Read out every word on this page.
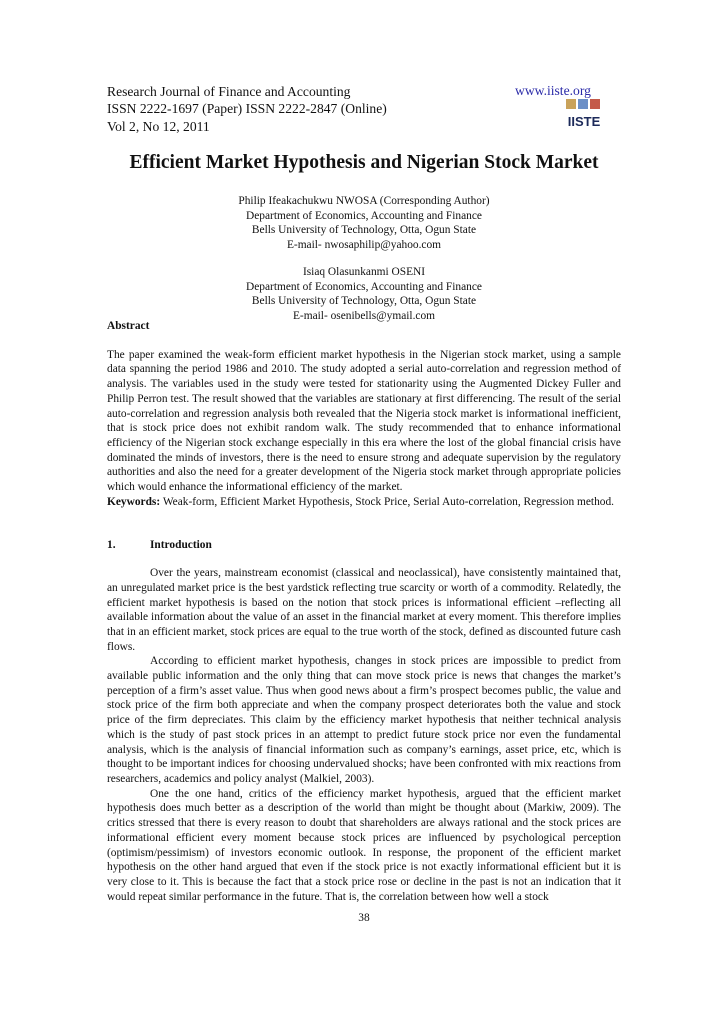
Research Journal of Finance and Accounting
ISSN 2222-1697 (Paper) ISSN 2222-2847 (Online)
Vol 2, No 12, 2011
www.iiste.org
IISTE
Efficient Market Hypothesis and Nigerian Stock Market
Philip Ifeakachukwu NWOSA (Corresponding Author)
Department of Economics, Accounting and Finance
Bells University of Technology, Otta, Ogun State
E-mail- nwosaphilip@yahoo.com
Isiaq Olasunkanmi OSENI
Department of Economics, Accounting and Finance
Bells University of Technology, Otta, Ogun State
E-mail- osenibells@ymail.com

Abstract

The paper examined the weak-form efficient market hypothesis in the Nigerian stock market, using a sample data spanning the period 1986 and 2010. The study adopted a serial auto-correlation and regression method of analysis. The variables used in the study were tested for stationarity using the Augmented Dickey Fuller and Philip Perron test. The result showed that the variables are stationary at first differencing. The result of the serial auto-correlation and regression analysis both revealed that the Nigeria stock market is informational inefficient, that is stock price does not exhibit random walk. The study recommended that to enhance informational efficiency of the Nigerian stock exchange especially in this era where the lost of the global financial crisis have dominated the minds of investors, there is the need to ensure strong and adequate supervision by the regulatory authorities and also the need for a greater development of the Nigeria stock market through appropriate policies which would enhance the informational efficiency of the market.

Keywords: Weak-form, Efficient Market Hypothesis, Stock Price, Serial Auto-correlation, Regression method.

1.	Introduction

Over the years, mainstream economist (classical and neoclassical), have consistently maintained that, an unregulated market price is the best yardstick reflecting true scarcity or worth of a commodity. Relatedly, the efficient market hypothesis is based on the notion that stock prices is informational efficient –reflecting all available information about the value of an asset in the financial market at every moment. This therefore implies that in an efficient market, stock prices are equal to the true worth of the stock, defined as discounted future cash flows.

According to efficient market hypothesis, changes in stock prices are impossible to predict from available public information and the only thing that can move stock price is news that changes the market’s perception of a firm’s asset value. Thus when good news about a firm’s prospect becomes public, the value and stock price of the firm both appreciate and when the company prospect deteriorates both the value and stock price of the firm depreciates. This claim by the efficiency market hypothesis that neither technical analysis which is the study of past stock prices in an attempt to predict future stock price nor even the fundamental analysis, which is the analysis of financial information such as company’s earnings, asset price, etc, which is thought to be important indices for choosing undervalued shocks; have been confronted with mix reactions from researchers, academics and policy analyst (Malkiel, 2003).

One the one hand, critics of the efficiency market hypothesis, argued that the efficient market hypothesis does much better as a description of the world than might be thought about (Markiw, 2009). The critics stressed that there is every reason to doubt that shareholders are always rational and the stock prices are informational efficient every moment because stock prices are influenced by psychological perception (optimism/pessimism) of investors economic outlook. In response, the proponent of the efficient market hypothesis on the other hand argued that even if the stock price is not exactly informational efficient but it is very close to it. This is because the fact that a stock price rose or decline in the past is not an indication that it would repeat similar performance in the future. That is, the correlation between how well a stock

38
